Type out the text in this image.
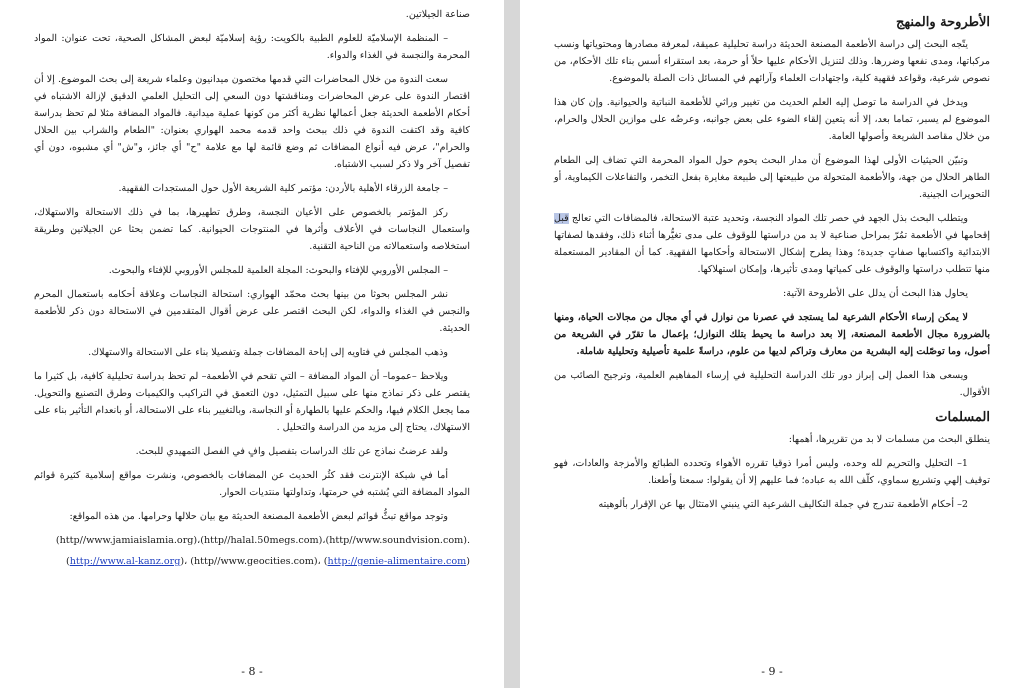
صناعة الجيلاتين.

– المنظمة الإسلاميّة للعلوم الطبية بالكويت: رؤية إسلاميّة لبعض المشاكل الصحية، تحت عنوان: المواد المحرمة والنجسة في الغذاء والدواء.

سعت الندوة من خلال المحاضرات التي قدمها مختصون ميدانيون وعلماء شريعة إلى بحث الموضوع. إلا أن اقتصار الندوة على عرض المحاضرات ومناقشتها دون السعي إلى التحليل العلمي الدقيق لإزالة الاشتباه في أحكام الأطعمة الحديثة جعل أعمالها نظرية أكثر من كونها عملية ميدانية. فالمواد المضافة مثلا لم تحظ بدراسة كافية وقد اكتفت الندوة في ذلك ببحث واحد قدمه محمد الهواري بعنوان: "الطعام والشراب بين الحلال والحرام"، عرض فيه أنواع المضافات ثم وضع قائمة لها مع علامة "ح" أي جائز، و"ش" أي مشبوه، دون أي تفصيل آخر ولا ذكر لسبب الاشتباه.

– جامعة الزرقاء الأهلية بالأردن: مؤتمر كلية الشريعة الأول حول المستجدات الفقهية.

ركز المؤتمر بالخصوص على الأعيان النجسة، وطرق تطهيرها، بما في ذلك الاستحالة والاستهلاك، واستعمال النجاسات في الأعلاف وأثرها في المنتوجات الحيوانية. كما تضمن بحثا عن الجيلاتين وطريقة استخلاصه واستعمالاته من الناحية التقنية.

– المجلس الأوروبي للإفتاء والبحوث: المجلة العلمية للمجلس الأوروبي للإفتاء والبحوث.

نشر المجلس بحوثا من بينها بحث محمّد الهواري: استحالة النجاسات وعلاقة أحكامه باستعمال المحرم والنجس في الغذاء والدواء، لكن البحث اقتصر على عرض أقوال المتقدمين في الاستحالة دون ذكر للأطعمة الحديثة.

وذهب المجلس في فتاويه إلى إباحة المضافات جملة وتفصيلا بناء على الاستحالة والاستهلاك.

ويلاحظ –عموما– أن المواد المضافة – التي تقحم في الأطعمة– لم تحظ بدراسة تحليلية كافية، بل كثيرا ما يقتصر على ذكر نماذج منها على سبيل التمثيل، دون التعمق في التراكيب والكيميات وطرق التصنيع والتحويل. مما يجعل الكلام فيها، والحكم عليها بالطهارة أو النجاسة، وبالتغيير بناء على الاستحالة، أو بانعدام التأثير بناء على الاستهلاك، يحتاج إلى مزيد من الدراسة والتحليل .

ولقد عرضتُ نماذج عن تلك الدراسات بتفصيل وافٍ في الفصل التمهيدي للبحث.

أما في شبكة الإنترنت فقد كثُر الحديث عن المضافات بالخصوص، ونشرت مواقع إسلامية كثيرة قوائم المواد المضافة التي يُشتبه في حرمتها، وتداولتها منتديات الحوار.

وتوجد مواقع تبثُّ قوائم لبعض الأطعمة المصنعة الحديثة مع بيان حلالها وحرامها. من هذه المواقع:

(http//www.jamiaislamia.org)،(http//halal.50megs.com)،(http//www.soundvision.com).
(http://www.al-kanz.org)، (http//www.geocities.com)، (http://genie-alimentaire.com)
- 8 -
الأطروحة والمنهج

يتّجه البحث إلى دراسة الأطعمة المصنعة الحديثة دراسة تحليلية عميقة، لمعرفة مصادرها ومحتوياتها ونسب مركباتها، ومدى نفعها وضررها. وذلك لتنزيل الأحكام عليها حلاً أو حرمة، بعد استقراء أسس بناء تلك الأحكام، من نصوص شرعية، وقواعد فقهية كلية، واجتهادات العلماء وآرائهم في المسائل ذات الصلة بالموضوع.

ويدخل في الدراسة ما توصل إليه العلم الحديث من تغيير وراثي للأطعمة النباتية والحيوانية. وإن كان هذا الموضوع لم يسبر، تماما بعد، إلا أنه يتعين إلقاء الضوء على بعض جوانبه، وعرضُه على موازين الحلال والحرام، من خلال مقاصد الشريعة وأصولها العامة.

وتبيّن الحيثيات الأولى لهذا الموضوع أن مدار البحث يحوم حول المواد المحرمة التي تضاف إلى الطعام الطاهر الحلال من جهة، والأطعمة المتحولة من طبيعتها إلى طبيعة مغايرة بفعل التخمر، والتفاعلات الكيماوية، أو التحويرات الجينية.

ويتطلب البحث بذل الجهد في حصر تلك المواد النجسة، وتحديد عتبة الاستحالة، فالمضافات التي تعالج قبل إقحامها في الأطعمة تمُرّ بمراحل صناعية لا بد من دراستها للوقوف على مدى تغيُّرها أثناء ذلك، وفقدها لصفاتها الابتدائية واكتسابها صفاتٍ جديدة؛ وهذا يطرح إشكال الاستحالة وأحكامها الفقهية. كما أن المقادير المستعملة منها تتطلب دراستها والوقوف على كمياتها ومدى تأثيرها، وإمكان استهلاكها.

يحاول هذا البحث أن يدلل على الأطروحة الآتية:

لا يمكن إرساء الأحكام الشرعية لما يستجد في عصرنا من نوازل في أي مجال من مجالات الحياة، ومنها بالضرورة مجال الأطعمة المصنعة، إلا بعد دراسة ما يحيط بتلك النوازل؛ بإعمال ما تقرّر في الشريعة من أصول، وما توصّلت إليه البشرية من معارف وتراكم لديها من علوم، دراسةً علمية تأصيلية وتحليلية شاملة.

ويسعى هذا العمل إلى إبراز دور تلك الدراسة التحليلية في إرساء المفاهيم العلمية، وترجيح الصائب من الأقوال.

المسلمات

ينطلق البحث من مسلمات لا بد من تقريرها، أهمها:

1– التحليل والتحريم لله وحده، وليس أمرا ذوقيا تقرره الأهواء وتحدده الطبائع والأمزجة والعادات، فهو توقيف إلهي وتشريع سماوي، كلّف الله به عباده؛ فما عليهم إلا أن يقولوا: سمعنا وأطعنا.

2– أحكام الأطعمة تندرج في جملة التكاليف الشرعية التي ينبني الامتثال بها عن الإقرار بألوهيته

- 9 -
